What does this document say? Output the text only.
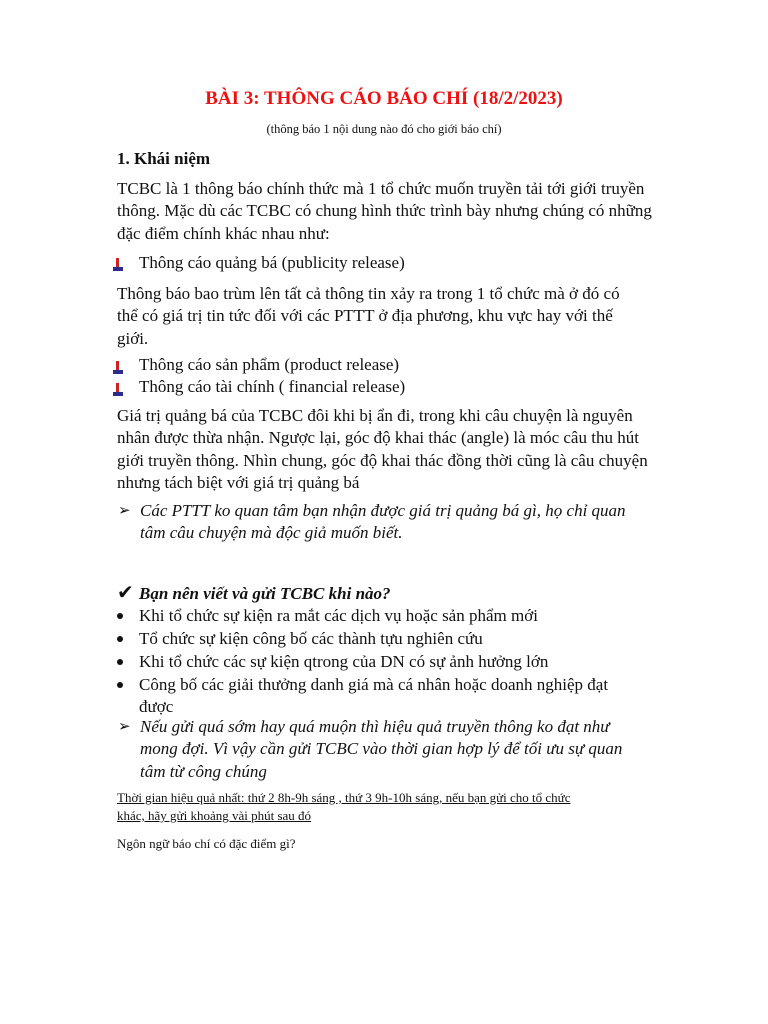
BÀI 3: THÔNG CÁO BÁO CHÍ (18/2/2023)
(thông báo 1 nội dung nào đó cho giới báo chí)
1. Khái niệm
TCBC là 1 thông báo chính thức mà 1 tổ chức muốn truyền tải tới giới truyền
thông. Mặc dù các TCBC có chung hình thức trình bày nhưng chúng có những
đặc điểm chính khác nhau như:
Thông cáo quảng bá (publicity release)
Thông báo bao trùm lên tất cả thông tin xảy ra trong 1 tổ chức mà ở đó có
thể có giá trị tin tức đối với các PTTT ở địa phương, khu vực hay với thế
giới.
Thông cáo sản phẩm (product release)
Thông cáo tài chính ( financial release)
Giá trị quảng bá của TCBC đôi khi bị ẩn đi, trong khi câu chuyện là nguyên
nhân được thừa nhận. Ngược lại, góc độ khai thác (angle) là móc câu thu hút
giới truyền thông. Nhìn chung, góc độ khai thác đồng thời cũng là câu chuyện
nhưng tách biệt với giá trị quảng bá
➢ Các PTTT ko quan tâm bạn nhận được giá trị quảng bá gì, họ chỉ quan
tâm câu chuyện mà độc giả muốn biết.
✔ Bạn nên viết và gửi TCBC khi nào?
Khi tổ chức sự kiện ra mắt các dịch vụ hoặc sản phẩm mới
Tổ chức sự kiện công bố các thành tựu nghiên cứu
Khi tổ chức các sự kiện qtrong của DN có sự ảnh hưởng lớn
Công bố các giải thưởng danh giá mà cá nhân hoặc doanh nghiệp đạt
được
➢ Nếu gửi quá sớm hay quá muộn thì hiệu quả truyền thông ko đạt như
mong đợi. Vì vậy cần gửi TCBC vào thời gian hợp lý để tối ưu sự quan
tâm từ công chúng
Thời gian hiệu quả nhất: thứ 2 8h-9h sáng , thứ 3 9h-10h sáng, nếu bạn gửi cho tổ chức
khác, hãy gửi khoảng vài phút sau đó
Ngôn ngữ báo chí có đặc điểm gì?
